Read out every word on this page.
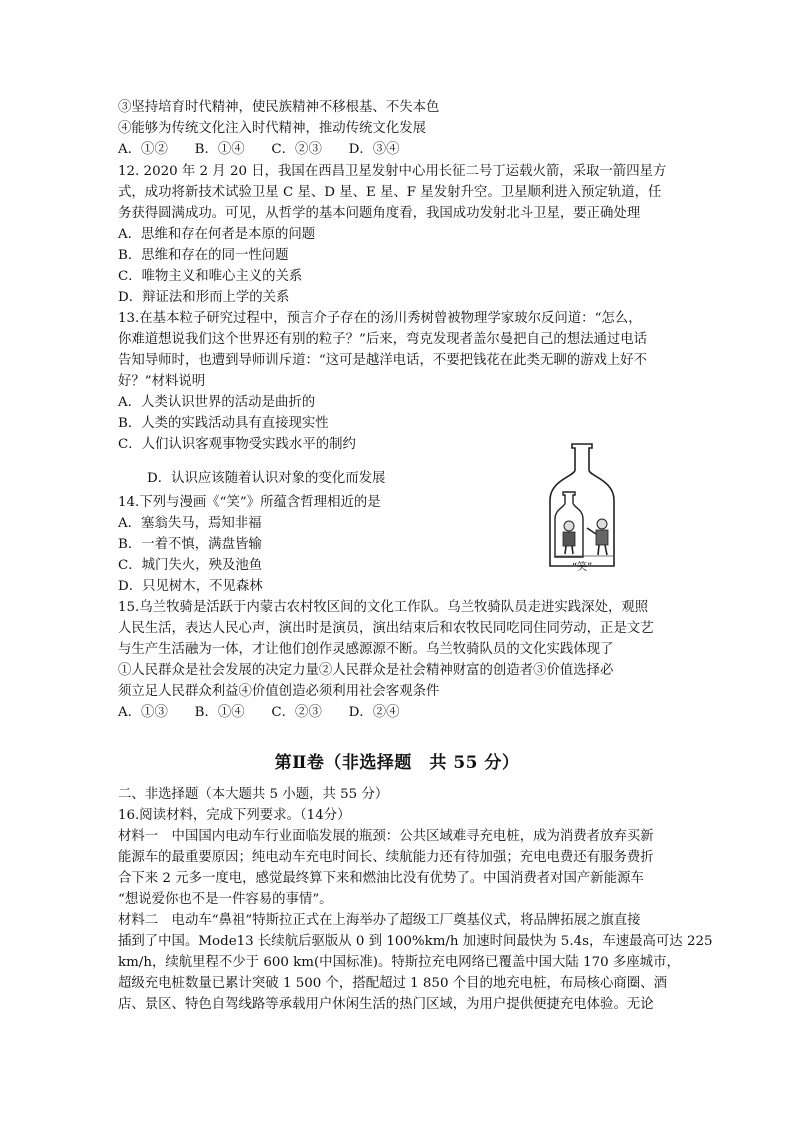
③坚持培育时代精神，使民族精神不移根基、不失本色
④能够为传统文化注入时代精神，推动传统文化发展
A．①②　　B．①④　　C．②③　　D．③④
12. 2020 年 2 月 20 日，我国在西昌卫星发射中心用长征二号丁运载火箭，采取一箭四星方
式，成功将新技术试验卫星 C 星、D 星、E 星、F 星发射升空。卫星顺利进入预定轨道，任
务获得圆满成功。可见，从哲学的基本问题角度看，我国成功发射北斗卫星，要正确处理
A．思维和存在何者是本原的问题
B．思维和存在的同一性问题
C．唯物主义和唯心主义的关系
D．辩证法和形而上学的关系
13.在基本粒子研究过程中，预言介子存在的汤川秀树曾被物理学家玻尔反问道：“怎么，
你难道想说我们这个世界还有别的粒子？”后来，弯克发现者盖尔曼把自己的想法通过电话
告知导师时，也遭到导师训斥道：“这可是越洋电话，不要把钱花在此类无聊的游戏上好不
好？”材料说明
A．人类认识世界的活动是曲折的
B．人类的实践活动具有直接现实性
C．人们认识客观事物受实践水平的制约
D．认识应该随着认识对象的变化而发展
14.下列与漫画《“笑”》所蕴含哲理相近的是
A．塞翁失马，焉知非福
B．一着不慎，满盘皆输
C．城门失火，殃及池鱼
D．只见树木，不见森林
15.乌兰牧骑是活跃于内蒙古农村牧区间的文化工作队。乌兰牧骑队员走进实践深处，观照
人民生活，表达人民心声，演出时是演员，演出结束后和农牧民同吃同住同劳动，正是文艺
与生产生活融为一体，才让他们创作灵感源源不断。乌兰牧骑队员的文化实践体现了
①人民群众是社会发展的决定力量②人民群众是社会精神财富的创造者③价值选择必
须立足人民群众利益④价值创造必须利用社会客观条件
A．①③　　B．①④　　C．②③　　D．②④
第Ⅱ卷（非选择题　共 55 分）
二、非选择题（本大题共 5 小题，共 55 分）
16.阅读材料，完成下列要求。（14分）
材料一　中国国内电动车行业面临发展的瓶颈：公共区域难寻充电桩，成为消费者放弃买新
能源车的最重要原因；纯电动车充电时间长、续航能力还有待加强；充电电费还有服务费折
合下来 2 元多一度电，感觉最终算下来和燃油比没有优势了。中国消费者对国产新能源车
“想说爱你也不是一件容易的事情”。
材料二　电动车“鼻祖”特斯拉正式在上海举办了超级工厂奠基仪式，将品牌拓展之旗直接
插到了中国。Mode13 长续航后驱版从 0 到 100%km/h 加速时间最快为 5.4s，车速最高可达 225
km/h，续航里程不少于 600 km(中国标准)。特斯拉充电网络已覆盖中国大陆 170 多座城市，
超级充电桩数量已累计突破 1 500 个，搭配超过 1 850 个目的地充电桩，布局核心商圈、酒
店、景区、特色自驾线路等承载用户休闲生活的热门区域，为用户提供便捷充电体验。无论
“笑”
